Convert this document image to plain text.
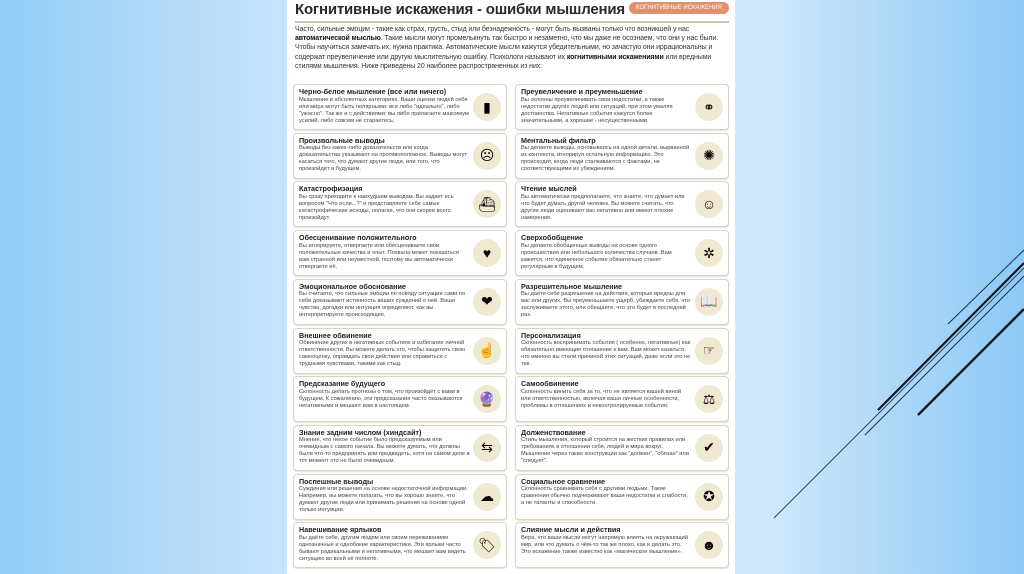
Когнитивные искажения - ошибки мышления	КОГНИТИВНЫЕ ИСКАЖЕНИЯ
Часто, сильные эмоции - такие как страх, грусть, стыд или безнадежность - могут быть вызваны только что возникшей у нас автоматической мыслью. Такие мысли могут промелькнуть так быстро и незаметно, что мы даже не осознаем, что они у нас были. Чтобы научиться замечать их, нужна практика. Автоматические мысли кажутся убедительными, но зачастую они иррациональны и содержат преувеличение или другую мыслительную ошибку. Психологи называют их когнитивными искажениями или вредными стилями мышления. Ниже приведены 20 наиболее распространенных из них:
Черно-белое мышление (все или ничего)

Мышление в абсолютных категориях. Ваши оценки людей себя или мира могут быть полярными: все либо "идеально", либо "ужасно". Так же и с действиями: вы либо прилагаете максимум усилий, либо совсем не стараетесь.

▮
Произвольные выводы

Выводы без каких-либо доказательств или когда доказательства указывают на противоположное. Выводы могут касаться того, что думают другие люди, или того, что произойдёт в будущем.

☹
Катастрофизация

Вы сразу приходите к наихудшим выводам. Вы задает есь вопросом "Что если...?" и представляете себе самые катастрофические исходы, полагая, что они скорее всего произойдут.

⛴
Обесценивание положительного

Вы игнорируете, отвергаете или обесцениваете свои положительные качества и опыт. Похвала может показаться вам странной или неуместной, поэтому вы автоматически отвергаете её.

♥
Эмоциональное обоснование

Вы считаете, что сильные эмоции по поводу ситуации сами по себе доказывают истинность ваших суждений о ней. Ваши чувства, догадки или интуиция определяют, как вы интерпретируете происходящее.

❤
Внешнее обвинение

Обвинение других в негативных событиях и избегание личной ответственности. Вы можете делать это, чтобы защитить свою самооценку, оправдать свои действия или справиться с трудными чувствами, такими как стыд.

☝
Предсказание будущего

Склонность делать прогнозы о том, что произойдёт с вами в будущем. К сожалению, эти предсказания часто оказываются негативными и мешают вам в настоящем.	🔮
Знание задним числом (хиндсайт)

Мнение, что некое событие было предсказуемым или очевидным с самого начала. Вы можете думать, что должны были что-то предпринять или предвидеть, хотя на самом деле в тот момент это не было очевидным.

⇆
Поспешные выводы

Суждения или решения на основе недостаточной информации. Например, вы можете полагать, что вы хорошо знаете, что думают другие люди или принимать решения на основе одной только интуиции.

☁
Навешивание ярлыков

Вы даёте себе, другим людям или своим переживаниям однозначные и однобокие характеристики. Эти ярлыки часто бывают радикальными и негативными, что мешает вам видеть ситуацию во всей её полноте.

🏷
Преувеличение и преуменьшение

Вы склонны преувеличивать свои недостатки, а также недостатки других людей или ситуаций, при этом умаляя достоинства. Негативные события кажутся более значительными, а хорошие - несущественными.

⚭
Ментальный фильтр

Вы делаете выводы, основываясь на одной детали, вырванной из контекста, игнорируя остальную информацию. Это происходит, когда люди сталкиваются с фактами, не соответствующими их убеждениям.

✺
Чтение мыслей

Вы автоматически предполагаете, что знаете, что думает или что будет думать другой человек. Вы можете считать, что другие люди оценивают вас негативно или имеют плохие намерения.

☺
Сверхобобщение

Вы делаете обобщенные выводы на основе одного происшествия или небольшого количества случаев. Вам кажется, что единичное событие обязательно станет регулярным в будущем.

✲
Разрешительное мышление

Вы даёте себе разрешение на действия, которые вредны для вас или других. Вы преуменьшаете ущерб, убеждаете себя, что заслуживаете этого, или обещаете, что это будет в последний раз.

📖
Персонализация

Склонность воспринимать события ( особенно, негативные) как обязательно имеющие отношение к вам. Вам может казаться, что именно вы стали причиной этих ситуаций, даже если это не так.

☞
Самообвинение

Склонность винить себя за то, что не является вашей виной или ответственностью, включая ваши личные особенности, проблемы в отношениях и неконтролируемые события.	⚖
Долженствование

Стиль мышления, который строится на жестких правилах или требованиях в отношении себя, людей и мира вокруг. Мышление через такие конструкции как "должен", "обязан" или "следует".

✔
Социальное сравнение

Склонность сравнивать себя с другими людьми. Такие сравнения обычно подчеркивают ваши недостатки и слабости, а не таланты и способности.	✪
Слияние мысли и действия

Вера, что ваши мысли могут напрямую влиять на окружающий мир, или что думать о чём-то так же плохо, как и делать это. Это искажение также известно как «магическое мышление».	☻
